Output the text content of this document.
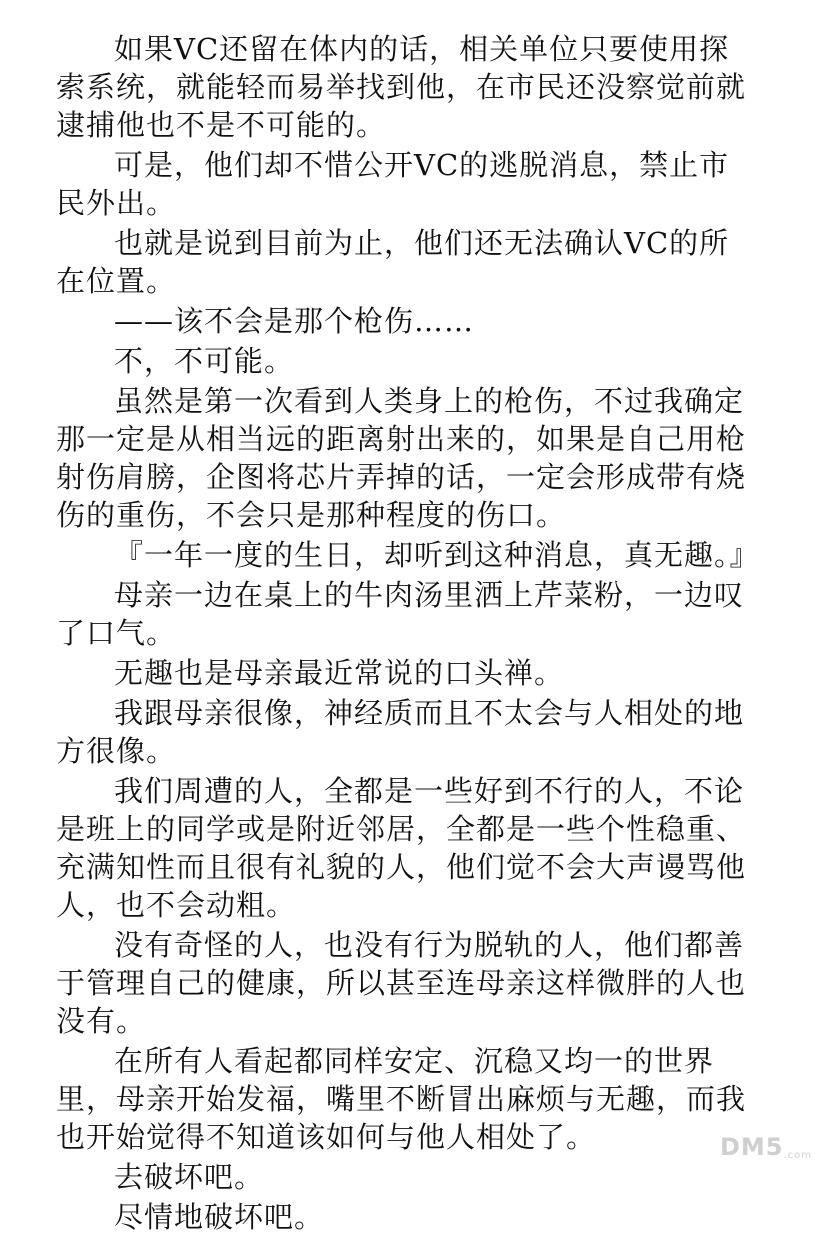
如果VC还留在体内的话，相关单位只要使用探索系统，就能轻而易举找到他，在市民还没察觉前就逮捕他也不是不可能的。

可是，他们却不惜公开VC的逃脱消息，禁止市民外出。

也就是说到目前为止，他们还无法确认VC的所在位置。

——该不会是那个枪伤……

不，不可能。

虽然是第一次看到人类身上的枪伤，不过我确定那一定是从相当远的距离射出来的，如果是自己用枪射伤肩膀，企图将芯片弄掉的话，一定会形成带有烧伤的重伤，不会只是那种程度的伤口。

『一年一度的生日，却听到这种消息，真无趣。』

母亲一边在桌上的牛肉汤里洒上芹菜粉，一边叹了口气。

无趣也是母亲最近常说的口头禅。

我跟母亲很像，神经质而且不太会与人相处的地方很像。

我们周遭的人，全都是一些好到不行的人，不论是班上的同学或是附近邻居，全都是一些个性稳重、充满知性而且很有礼貌的人，他们觉不会大声谩骂他人，也不会动粗。

没有奇怪的人，也没有行为脱轨的人，他们都善于管理自己的健康，所以甚至连母亲这样微胖的人也没有。

在所有人看起都同样安定、沉稳又均一的世界里，母亲开始发福，嘴里不断冒出麻烦与无趣，而我也开始觉得不知道该如何与他人相处了。

去破坏吧。

尽情地破坏吧。

DM5.com
